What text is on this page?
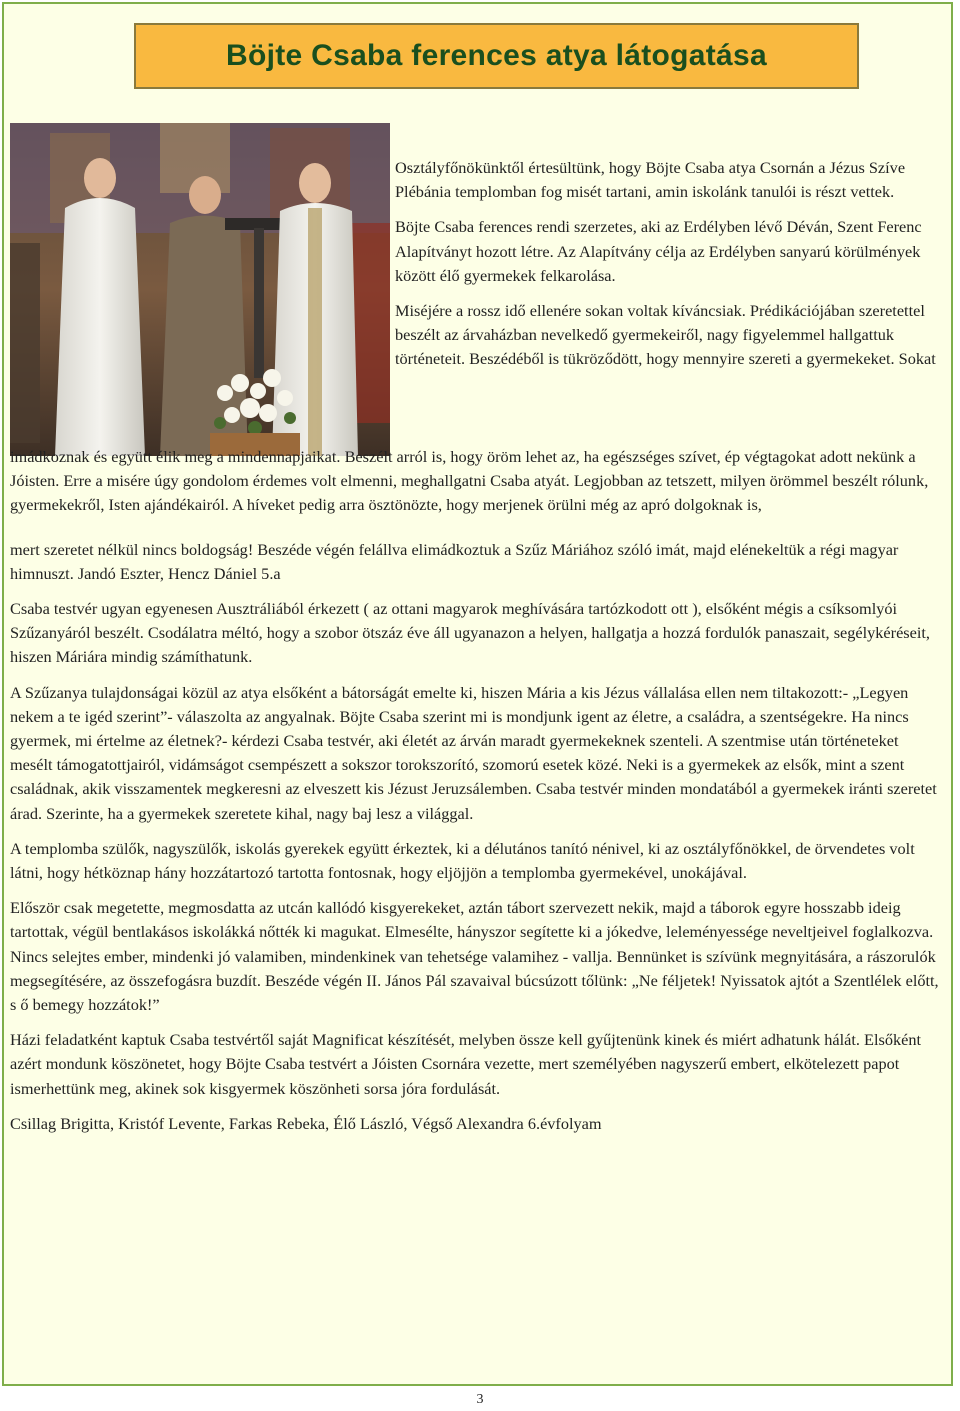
Böjte Csaba ferences atya látogatása

Osztályfőnökünktől értesültünk, hogy Böjte Csaba atya Csornán a Jézus Szíve Plébánia templomban fog misét tartani, amin iskolánk tanulói is részt vettek.

Böjte Csaba ferences rendi szerzetes, aki az Erdélyben lévő Déván, Szent Ferenc Alapítványt hozott létre. Az Alapítvány célja az Erdélyben sanyarú körülmények között élő gyermekek felkarolása.

Miséjére a rossz idő ellenére sokan voltak kíváncsiak. Prédikációjában szeretettel beszélt az árvaházban nevelkedő gyermekeiről, nagy figyelemmel hallgattuk történeteit. Beszédéből is tükröződött, hogy mennyire szereti a gyermekeket. Sokat

imádkoznak és együtt élik meg a mindennapjaikat. Beszélt arról is, hogy öröm lehet az, ha egészséges szívet, ép végtagokat adott nekünk a Jóisten. Erre a misére úgy gondolom érdemes volt elmenni, meghallgatni Csaba atyát. Legjobban az tetszett, milyen örömmel beszélt rólunk, gyermekekről, Isten ajándékairól. A híveket pedig arra ösztönözte, hogy merjenek örülni még az apró dolgoknak is,

mert szeretet nélkül nincs boldogság! Beszéde végén felállva elimádkoztuk a Szűz Máriához szóló imát, majd elénekeltük a régi magyar himnuszt. Jandó Eszter, Hencz Dániel 5.a

Csaba testvér ugyan egyenesen Ausztráliából érkezett ( az ottani magyarok meghívására tartózkodott ott ), elsőként mégis a csíksomlyói Szűzanyáról beszélt. Csodálatra méltó, hogy a szobor ötszáz éve áll ugyanazon a helyen, hallgatja a hozzá fordulók panaszait, segélykéréseit, hiszen Máriára mindig számíthatunk.

A Szűzanya tulajdonságai közül az atya elsőként a bátorságát emelte ki, hiszen Mária a kis Jézus vállalása ellen nem tiltakozott:- „Legyen nekem a te igéd szerint”- válaszolta az angyalnak. Böjte Csaba szerint mi is mondjunk igent az életre, a családra, a szentségekre. Ha nincs gyermek, mi értelme az életnek?- kérdezi Csaba testvér, aki életét az árván maradt gyermekeknek szenteli. A szentmise után történeteket mesélt támogatottjairól, vidámságot csempészett a sokszor torokszorító, szomorú esetek közé. Neki is a gyermekek az elsők, mint a szent családnak, akik visszamentek megkeresni az elveszett kis Jézust Jeruzsálemben. Csaba testvér minden mondatából a gyermekek iránti szeretet árad. Szerinte, ha a gyermekek szeretete kihal, nagy baj lesz a világgal.

A templomba szülők, nagyszülők, iskolás gyerekek együtt érkeztek, ki a délutános tanító nénivel, ki az osztályfőnökkel, de örvendetes volt látni, hogy hétköznap hány hozzátartozó tartotta fontosnak, hogy eljöjjön a templomba gyermekével, unokájával.

Először csak megetette, megmosdatta az utcán kallódó kisgyerekeket, aztán tábort szervezett nekik, majd a táborok egyre hosszabb ideig tartottak, végül bentlakásos iskolákká nőtték ki magukat. Elmesélte, hányszor segítette ki a jókedve, leleményessége neveltjeivel foglalkozva. Nincs selejtes ember, mindenki jó valamiben, mindenkinek van tehetsége valamihez - vallja. Bennünket is szívünk megnyitására, a rászorulók megsegítésére, az összefogásra buzdít. Beszéde végén II. János Pál szavaival búcsúzott tőlünk: „Ne féljetek! Nyissatok ajtót a Szentlélek előtt, s ő bemegy hozzátok!”

Házi feladatként kaptuk Csaba testvértől saját Magnificat készítését, melyben össze kell gyűjtenünk kinek és miért adhatunk hálát. Elsőként azért mondunk köszönetet, hogy Böjte Csaba testvért a Jóisten Csornára vezette, mert személyében nagyszerű embert, elkötelezett papot ismerhettünk meg, akinek sok kisgyermek köszönheti sorsa jóra fordulását.

Csillag Brigitta, Kristóf Levente, Farkas Rebeka, Élő László, Végső Alexandra 6.évfolyam

3
